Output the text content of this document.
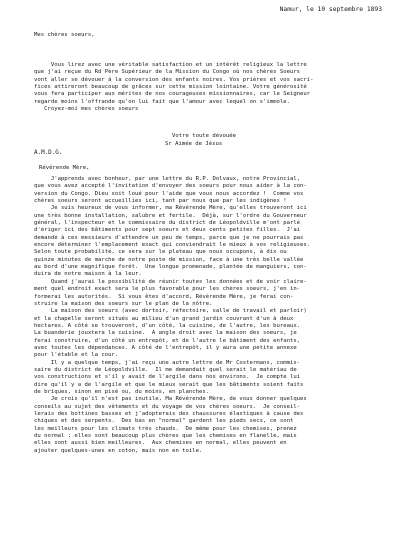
Namur, le 10 septembre 1893

Mes chères soeurs,

Vous lirez avec une véritable satisfaction et un intérêt religieux la lettre
que j'ai reçue du Rd Père Supérieur de la Mission du Congo où nos chères Soeurs
vont aller se dévouer à la conversion des enfants noires. Vos prières et vos sacri-
fices attireront beaucoup de grâces sur cette mission lointaine. Votre générosité
vous fera participer aux mérites de nos courageuses missionnaires, car le Seigneur
regarde moins l'offrande qu'on lui fait que l'amour avec lequel on s'immole.
Croyez-moi mes chères soeurs

Votre toute dévouée
Sr Aimée de Jésus
A.M.D.G.
Révérende Mère,
J'apprends avec bonheur, par une lettre du R.P. Dolvaux, notre Provincial,
que vous avez accepté l'invitation d'envoyer des soeurs pour nous aider à la con-
version du Congo. Dieu soit loué pour l'aide que vous nous accordez !  Comme vos
chères soeurs seront accueillies ici, tant par nous que par les indigènes !
Je suis heureux de vous informer, ma Révérende Mère, qu'elles trouveront ici
une très bonne installation, salubre et fertile.  Déjà, sur l'ordre du Gouverneur
général, l'inspecteur et le commissaire du district de Léopoldville m'ont parlé
d'ériger ici des bâtiments pour sept soeurs et deux cents petites filles.  J'ai
demandé à ces messieurs d'attendre un peu de temps, parce que je ne pourrais pas
encore déterminer l'emplacement exact qui conviendrait le mieux à vos religieuses.
Selon toute probabilité, ce sera sur le plateau que nous occupons, à dix ou
quinze minutes de marche de notre poste de mission, face à une très belle vallée
au bord d'une magnifique forêt.  Une longue promenade, plantée de manguiers, con-
duira de notre maison à la leur.
Quand j'aurai la possibilité de réunir toutes les données et de voir claire-
ment quel endroit exact sera le plus favorable pour les chères soeurs, j'en in-
formerai les autorités.  Si vous êtes d'accord, Révérende Mère, je ferai con-
struire la maison des soeurs sur le plan de la nôtre.
La maison des soeurs (avec dortoir, réfectoire, salle de travail et parloir)
et la chapelle seront situés au milieu d'un grand jardin couvrant d'un à deux
hectares. A côté se trouveront, d'un côté, la cuisine, de l'autre, les bureaux.
La buanderie jouxtera la cuisine.  A angle droit avec la maison des soeurs, je
ferai construire, d'un côté un entrepôt, et de l'autre le bâtiment des enfants,
avec toutes les dépendances. A côté de l'entrepôt, il y aura une petite annexe
pour l'étable et la cour.
Il y a quelque temps, j'ai reçu une autre lettre de Mr Costermans, commis-
saire du district de Léopoldville.  Il me demandait quel serait le matériau de
vos constructions et s'il y avait de l'argile dans nos environs.  Je compte lui
dire qu'il y a de l'argile et que le mieux serait que les bâtiments soient faits
de briques, sinon en pisé ou, du moins, en planches.
Je crois qu'il n'est pas inutile, Ma Révérende Mère, de vous donner quelques
conseils au sujet des vêtements et du voyage de vos chères soeurs.  Je conseil-
lerais des bottines basses et j'adopterais des chaussures élastiques à cause des
chiques et des serpents.  Des bas en "normal" gardent les pieds secs, ce sont
les meilleurs pour les climats très chauds.  De même pour les chemises, prenez
du normal ; elles sont beaucoup plus chères que les chemises en flanelle, mais
elles sont aussi bien meilleures.  Aux chemises en normal, elles peuvent en
ajouter quelques-unes en coton, mais non en toile.
